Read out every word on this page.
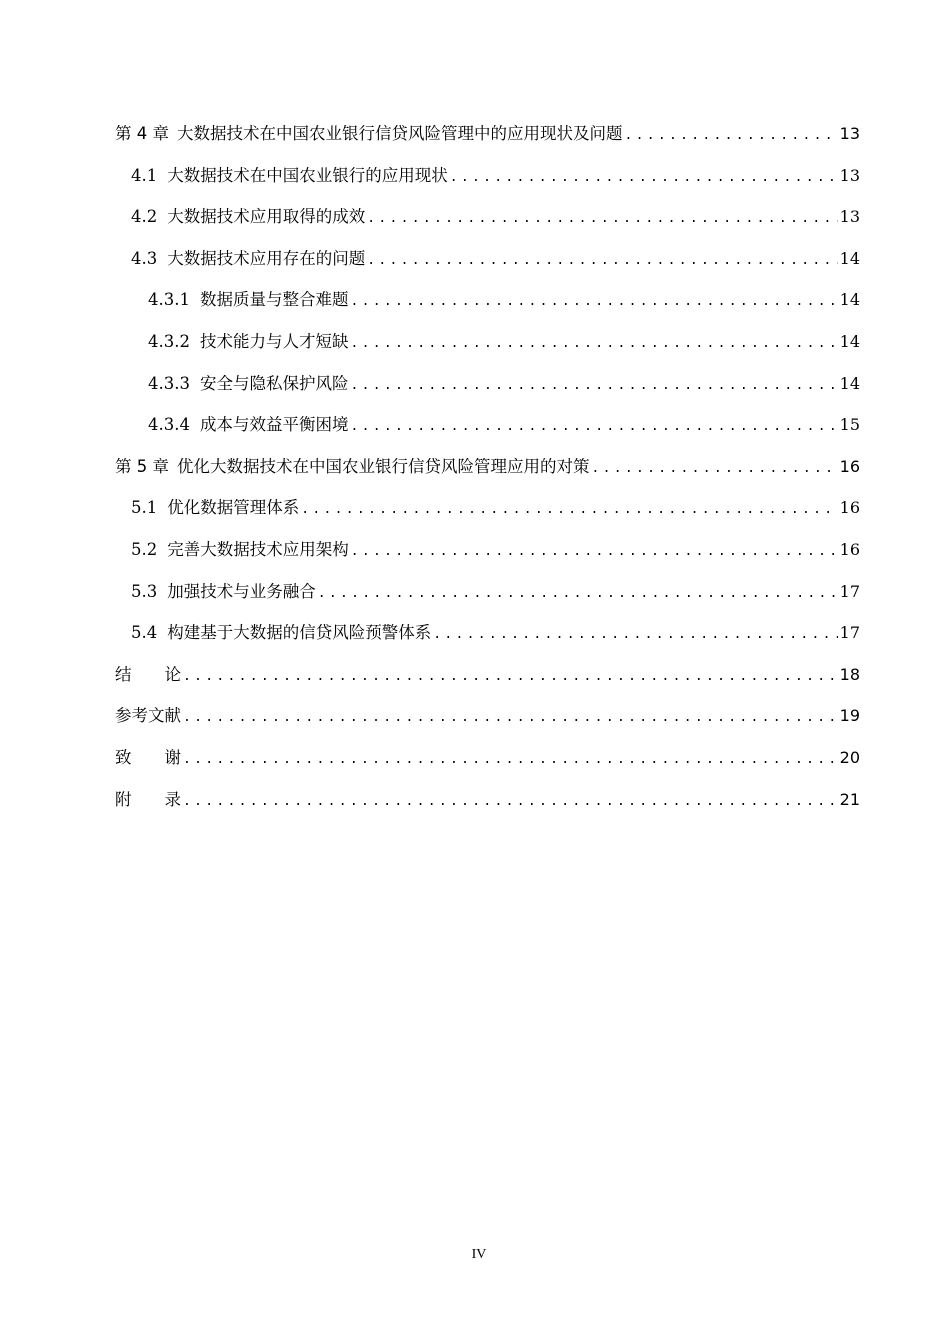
第 4 章 大数据技术在中国农业银行信贷风险管理中的应用现状及问题 .....	13
4.1 大数据技术在中国农业银行的应用现状 .....	13
4.2 大数据技术应用取得的成效 .....	13
4.3 大数据技术应用存在的问题 .....	14
4.3.1 数据质量与整合难题 .....	14
4.3.2 技术能力与人才短缺 .....	14
4.3.3 安全与隐私保护风险 .....	14
4.3.4 成本与效益平衡困境 .....	15
第 5 章 优化大数据技术在中国农业银行信贷风险管理应用的对策 .....	16
5.1 优化数据管理体系 .....	16
5.2 完善大数据技术应用架构 .....	16
5.3 加强技术与业务融合 .....	17
5.4 构建基于大数据的信贷风险预警体系 .....	17
结　　论 .....	18
参考文献 .....	19
致　　谢 .....	20
附　　录 .....	21
IV
